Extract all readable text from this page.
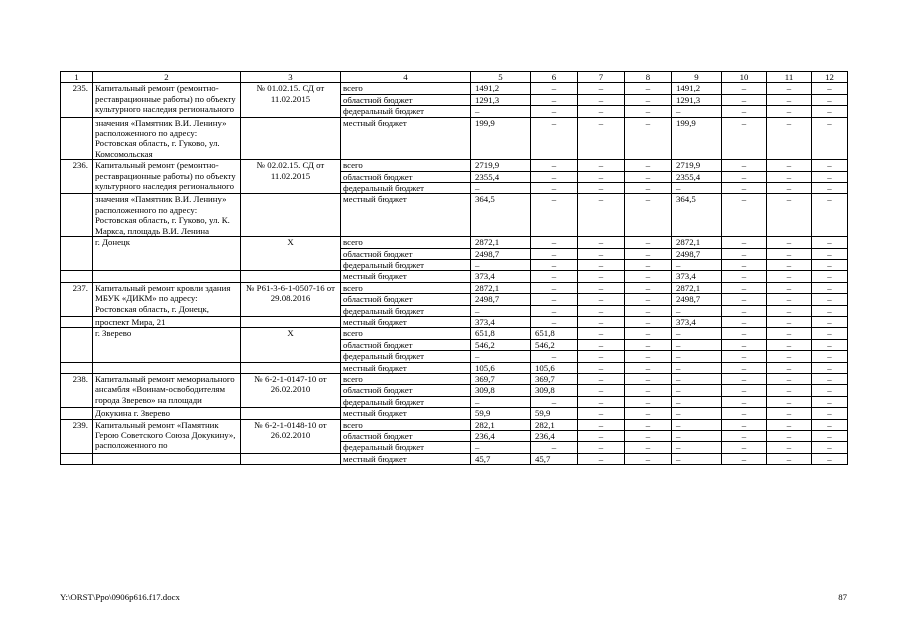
1	2	3	4	5	6	7	8	9	10	11	12
235.	Капитальный ремонт (ремонтно-реставрационные работы) по объекту культурного наследия регионального	№ 01.02.15. СД от 11.02.2015	всего	1491,2	–	–	–	1491,2	–	–	–
			областной бюджет	1291,3	–	–	–	1291,3	–	–	–
			федеральный бюджет	–	–	–	–	–	–	–	–
	значения «Памятник В.И. Ленину» расположенного по адресу: Ростовская область, г. Гуково, ул. Комсомольская		местный бюджет	199,9	–	–	–	199,9	–	–	–
236.	Капитальный ремонт (ремонтно-реставрационные работы) по объекту культурного наследия регионального	№ 02.02.15. СД от 11.02.2015	всего	2719,9	–	–	–	2719,9	–	–	–
			областной бюджет	2355,4	–	–	–	2355,4	–	–	–
			федеральный бюджет	–	–	–	–	–	–	–	–
	значения «Памятник В.И. Ленину» расположенного по адресу: Ростовская область, г. Гуково, ул. К. Маркса, площадь В.И. Ленина		местный бюджет	364,5	–	–	–	364,5	–	–	–
	г. Донецк	Х	всего	2872,1	–	–	–	2872,1	–	–	–
			областной бюджет	2498,7	–	–	–	2498,7	–	–	–
			федеральный бюджет	–	–	–	–	–	–	–	–
			местный бюджет	373,4	–	–	–	373,4	–	–	–
237.	Капитальный ремонт кровли здания МБУК «ДИКМ» по адресу: Ростовская область, г. Донецк,	№ Р61-3-6-1-0507-16 от 29.08.2016	всего	2872,1	–	–	–	2872,1	–	–	–
			областной бюджет	2498,7	–	–	–	2498,7	–	–	–
			федеральный бюджет	–	–	–	–	–	–	–	–
	проспект Мира, 21		местный бюджет	373,4	–	–	–	373,4	–	–	–
	г. Зверево	Х	всего	651,8	651,8	–	–	–	–	–	–
			областной бюджет	546,2	546,2	–	–	–	–	–	–
			федеральный бюджет	–	–	–	–	–	–	–	–
			местный бюджет	105,6	105,6	–	–	–	–	–	–
238.	Капитальный ремонт мемориального ансамбля «Воинам-освободителям города Зверево» на площади	№ 6-2-1-0147-10 от 26.02.2010	всего	369,7	369,7	–	–	–	–	–	–
			областной бюджет	309,8	309,8	–	–	–	–	–	–
			федеральный бюджет	–	–	–	–	–	–	–	–
	Докукина г. Зверево		местный бюджет	59,9	59,9	–	–	–	–	–	–
239.	Капитальный ремонт «Памятник Герою Советского Союза Докукину», расположенного по	№ 6-2-1-0148-10 от 26.02.2010	всего	282,1	282,1	–	–	–	–	–	–
			областной бюджет	236,4	236,4	–	–	–	–	–	–
			федеральный бюджет	–	–	–	–	–	–	–	–
			местный бюджет	45,7	45,7	–	–	–	–	–	–
Y:\ORST\Ppo\0906p616.f17.docx	87
